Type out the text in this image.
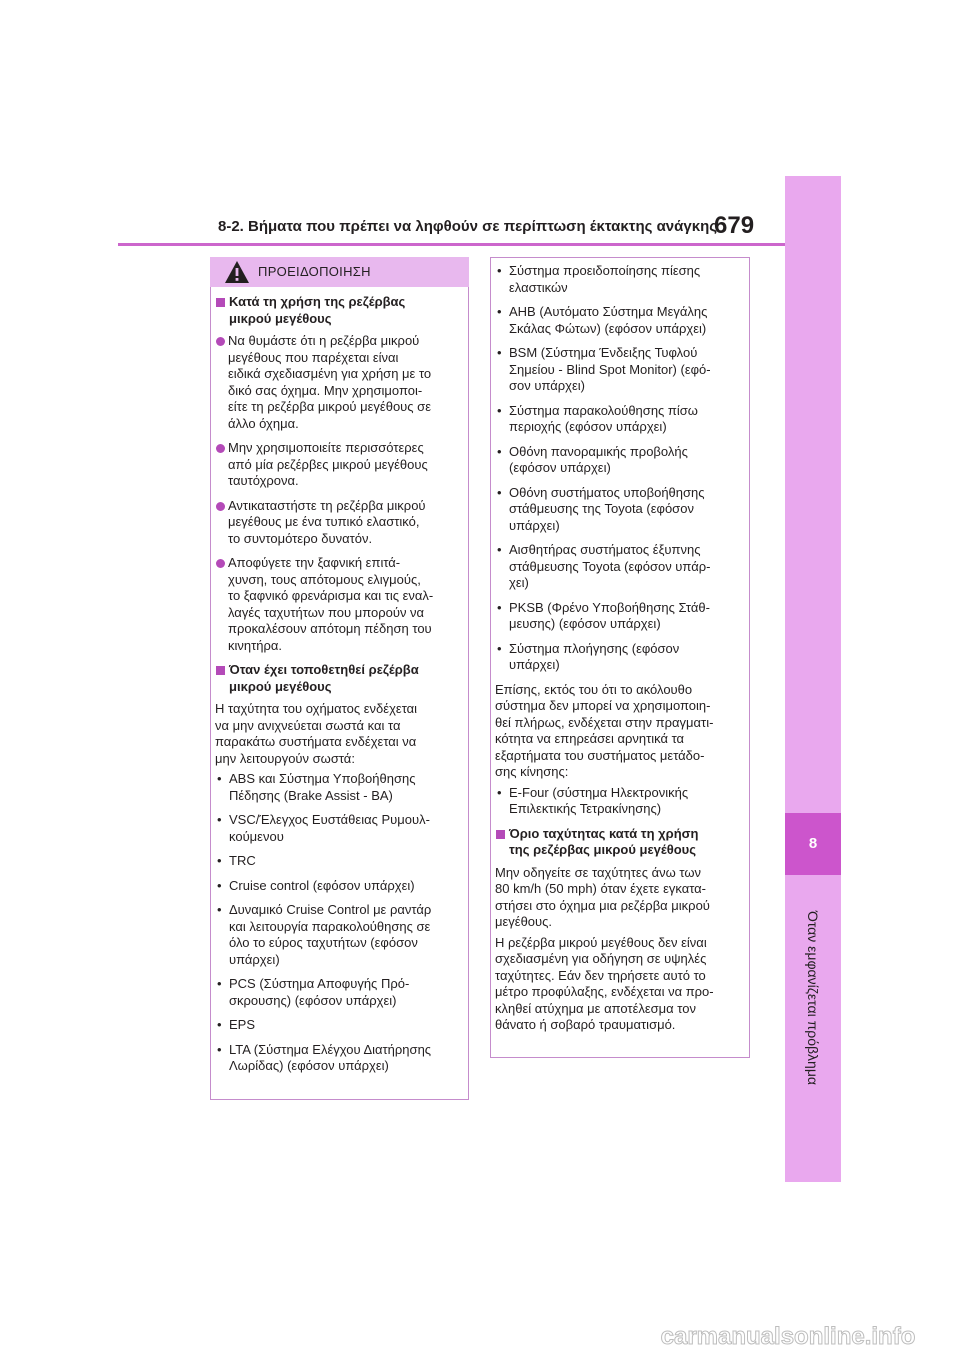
8-2. Βήματα που πρέπει να ληφθούν σε περίπτωση έκτακτης ανάγκης
679
8
Όταν εμφανίζεται πρόβλημα
ΠΡΟΕΙΔΟΠΟΙΗΣΗ
Κατά τη χρήση της ρεζέρβας
μικρού μεγέθους
Να θυμάστε ότι η ρεζέρβα μικρού
μεγέθους που παρέχεται είναι
ειδικά σχεδιασμένη για χρήση με το
δικό σας όχημα. Μην χρησιμοποι-
είτε τη ρεζέρβα μικρού μεγέθους σε
άλλο όχημα.
Μην χρησιμοποιείτε περισσότερες
από μία ρεζέρβες μικρού μεγέθους
ταυτόχρονα.
Αντικαταστήστε τη ρεζέρβα μικρού
μεγέθους με ένα τυπικό ελαστικό,
το συντομότερο δυνατόν.
Αποφύγετε την ξαφνική επιτά-
χυνση, τους απότομους ελιγμούς,
το ξαφνικό φρενάρισμα και τις εναλ-
λαγές ταχυτήτων που μπορούν να
προκαλέσουν απότομη πέδηση του
κινητήρα.
Όταν έχει τοποθετηθεί ρεζέρβα
μικρού μεγέθους
Η ταχύτητα του οχήματος ενδέχεται
να μην ανιχνεύεται σωστά και τα
παρακάτω συστήματα ενδέχεται να
μην λειτουργούν σωστά:
• ABS και Σύστημα Υποβοήθησης
Πέδησης (Brake Assist - BA)
• VSC/Έλεγχος Ευστάθειας Ρυμουλ-
κούμενου
• TRC
• Cruise control (εφόσον υπάρχει)
• Δυναμικό Cruise Control με ραντάρ
και λειτουργία παρακολούθησης σε
όλο το εύρος ταχυτήτων (εφόσον
υπάρχει)
• PCS (Σύστημα Αποφυγής Πρό-
σκρουσης) (εφόσον υπάρχει)
• EPS
• LTA (Σύστημα Ελέγχου Διατήρησης
Λωρίδας) (εφόσον υπάρχει)
• Σύστημα προειδοποίησης πίεσης
ελαστικών
• AHB (Αυτόματο Σύστημα Μεγάλης
Σκάλας Φώτων) (εφόσον υπάρχει)
• BSM (Σύστημα Ένδειξης Τυφλού
Σημείου - Blind Spot Monitor) (εφό-
σον υπάρχει)
• Σύστημα παρακολούθησης πίσω
περιοχής (εφόσον υπάρχει)
• Οθόνη πανοραμικής προβολής
(εφόσον υπάρχει)
• Οθόνη συστήματος υποβοήθησης
στάθμευσης της Toyota (εφόσον
υπάρχει)
• Αισθητήρας συστήματος έξυπνης
στάθμευσης Toyota (εφόσον υπάρ-
χει)
• PKSB (Φρένο Υποβοήθησης Στάθ-
μευσης) (εφόσον υπάρχει)
• Σύστημα πλοήγησης (εφόσον
υπάρχει)
Επίσης, εκτός του ότι το ακόλουθο
σύστημα δεν μπορεί να χρησιμοποιη-
θεί πλήρως, ενδέχεται στην πραγματι-
κότητα να επηρεάσει αρνητικά τα
εξαρτήματα του συστήματος μετάδο-
σης κίνησης:
• E-Four (σύστημα Ηλεκτρονικής
Επιλεκτικής Τετρακίνησης)
Όριο ταχύτητας κατά τη χρήση
της ρεζέρβας μικρού μεγέθους
Μην οδηγείτε σε ταχύτητες άνω των
80 km/h (50 mph) όταν έχετε εγκατα-
στήσει στο όχημα μια ρεζέρβα μικρού
μεγέθους.
Η ρεζέρβα μικρού μεγέθους δεν είναι
σχεδιασμένη για οδήγηση σε υψηλές
ταχύτητες. Εάν δεν τηρήσετε αυτό το
μέτρο προφύλαξης, ενδέχεται να προ-
κληθεί ατύχημα με αποτέλεσμα τον
θάνατο ή σοβαρό τραυματισμό.
carmanualsonline.info
